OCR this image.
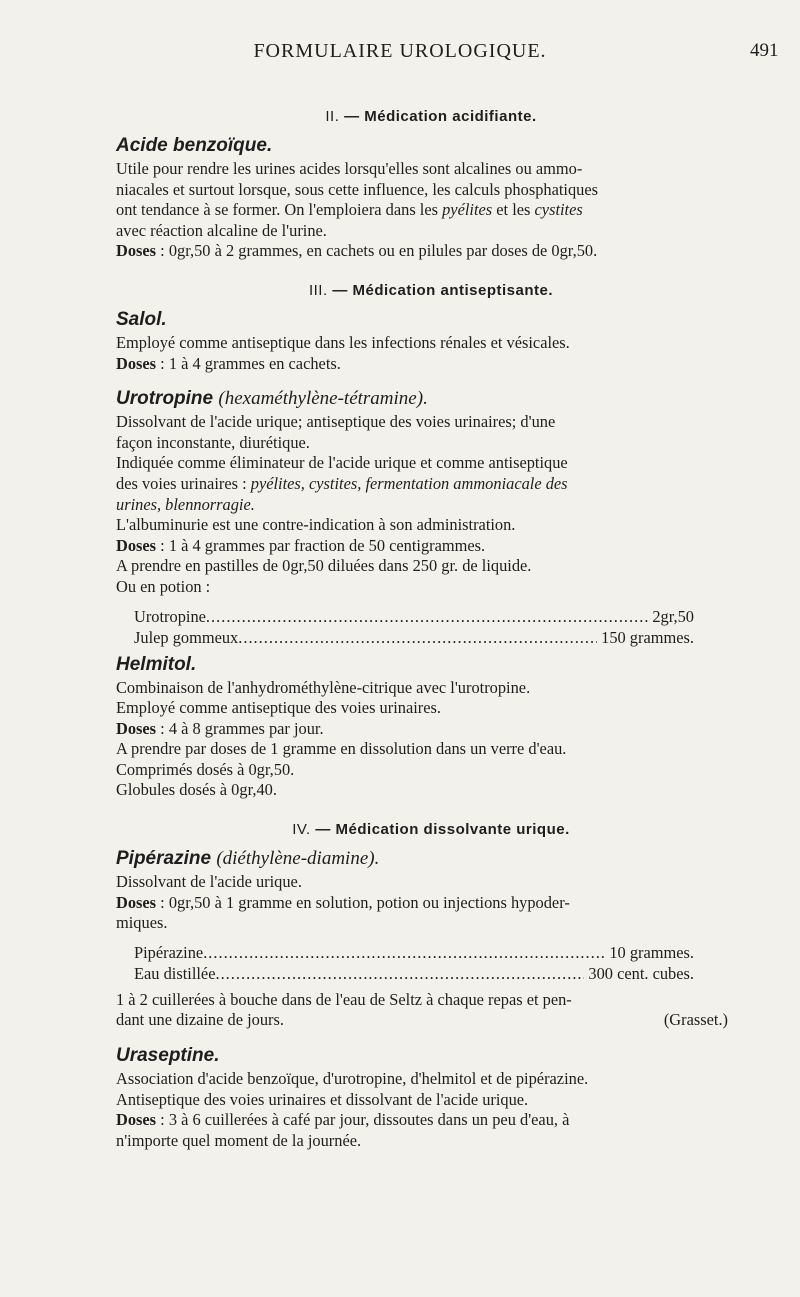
FORMULAIRE UROLOGIQUE.	491
II. — Médication acidifiante.
Acide benzoïque.

Utile pour rendre les urines acides lorsqu'elles sont alcalines ou ammo-

niacales et surtout lorsque, sous cette influence, les calculs phosphatiques

ont tendance à se former. On l'emploiera dans les pyélites et les cystites

avec réaction alcaline de l'urine.

Doses : 0gr,50 à 2 grammes, en cachets ou en pilules par doses de 0gr,50.

III. — Médication antiseptisante.
Salol.

Employé comme antiseptique dans les infections rénales et vésicales.

Doses : 1 à 4 grammes en cachets.

Urotropine (hexaméthylène-tétramine).

Dissolvant de l'acide urique; antiseptique des voies urinaires; d'une

façon inconstante, diurétique.

Indiquée comme éliminateur de l'acide urique et comme antiseptique

des voies urinaires : pyélites, cystites, fermentation ammoniacale des

urines, blennorragie.

L'albuminurie est une contre-indication à son administration.

Doses : 1 à 4 grammes par fraction de 50 centigrammes.

A prendre en pastilles de 0gr,50 diluées dans 250 gr. de liquide.

Ou en potion :

Urotropine .....	2gr,50
Julep gommeux .....	150 grammes.
Helmitol.

Combinaison de l'anhydrométhylène-citrique avec l'urotropine.

Employé comme antiseptique des voies urinaires.

Doses : 4 à 8 grammes par jour.

A prendre par doses de 1 gramme en dissolution dans un verre d'eau.

Comprimés dosés à 0gr,50.

Globules dosés à 0gr,40.

IV. — Médication dissolvante urique.
Pipérazine (diéthylène-diamine).

Dissolvant de l'acide urique.

Doses : 0gr,50 à 1 gramme en solution, potion ou injections hypoder-

miques.

Pipérazine .....	10 grammes.
Eau distillée .....	300 cent. cubes.

1 à 2 cuillerées à bouche dans de l'eau de Seltz à chaque repas et pen-

dant une dizaine de jours.	(Grasset.)

Uraseptine.

Association d'acide benzoïque, d'urotropine, d'helmitol et de pipérazine.

Antiseptique des voies urinaires et dissolvant de l'acide urique.

Doses : 3 à 6 cuillerées à café par jour, dissoutes dans un peu d'eau, à

n'importe quel moment de la journée.
